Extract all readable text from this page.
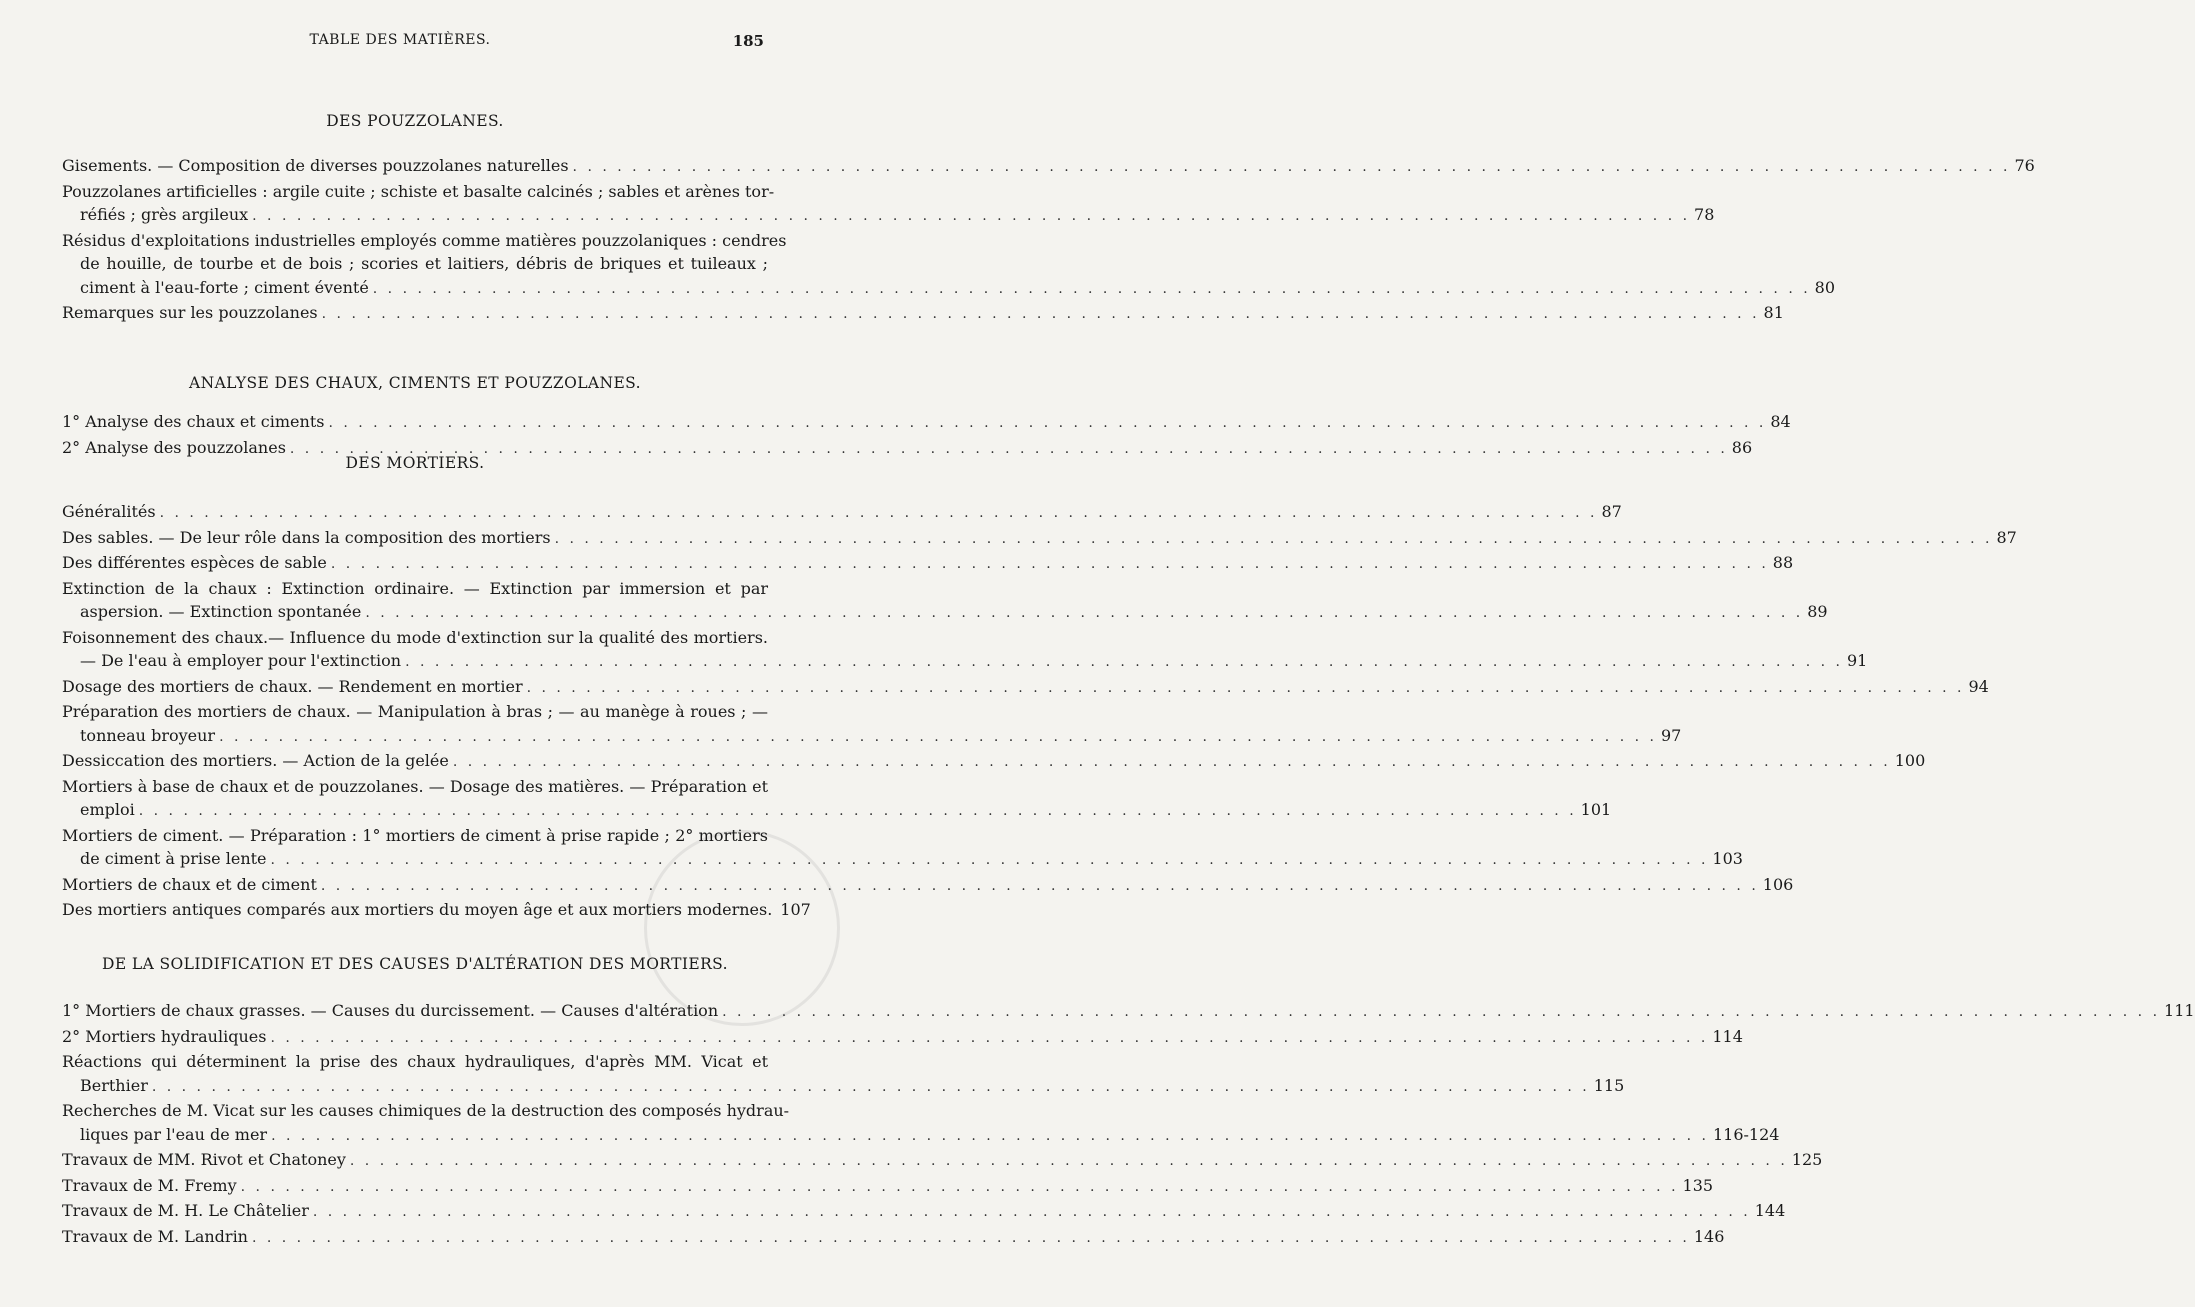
TABLE DES MATIÈRES.	185
DES POUZZOLANES.
Gisements. — Composition de diverses pouzzolanes naturelles . . .	76
Pouzzolanes artificielles : argile cuite ; schiste et basalte calcinés ; sables et arènes tor-
réfiés ; grès argileux . . .	78
Résidus d'exploitations industrielles employés comme matières pouzzolaniques : cendres
de houille, de tourbe et de bois ; scories et laitiers, débris de briques et tuileaux ;
ciment à l'eau-forte ; ciment éventé . . .	80
Remarques sur les pouzzolanes . . .	81
ANALYSE DES CHAUX, CIMENTS ET POUZZOLANES.
1° Analyse des chaux et ciments . . .	84
2° Analyse des pouzzolanes . . .	86
DES MORTIERS.
Généralités . . .	87
Des sables. — De leur rôle dans la composition des mortiers . . .	87
Des différentes espèces de sable . . .	88
Extinction de la chaux : Extinction ordinaire. — Extinction par immersion et par
aspersion. — Extinction spontanée . . .	89
Foisonnement des chaux.— Influence du mode d'extinction sur la qualité des mortiers.
— De l'eau à employer pour l'extinction . . .	91
Dosage des mortiers de chaux. — Rendement en mortier . . .	94
Préparation des mortiers de chaux. — Manipulation à bras ; — au manège à roues ; —
tonneau broyeur . . .	97
Dessiccation des mortiers. — Action de la gelée . . .	100
Mortiers à base de chaux et de pouzzolanes. — Dosage des matières. — Préparation et
emploi . . .	101
Mortiers de ciment. — Préparation : 1° mortiers de ciment à prise rapide ; 2° mortiers
de ciment à prise lente . . .	103
Mortiers de chaux et de ciment . . .	106
Des mortiers antiques comparés aux mortiers du moyen âge et aux mortiers modernes. 107
DE LA SOLIDIFICATION ET DES CAUSES D'ALTÉRATION DES MORTIERS.
1° Mortiers de chaux grasses. — Causes du durcissement. — Causes d'altération . . .	111
2° Mortiers hydrauliques . . .	114
Réactions qui déterminent la prise des chaux hydrauliques, d'après MM. Vicat et
Berthier . . .	115
Recherches de M. Vicat sur les causes chimiques de la destruction des composés hydrau-
liques par l'eau de mer . . .	116-124
Travaux de MM. Rivot et Chatoney . . .	125
Travaux de M. Fremy . . .	135
Travaux de M. H. Le Châtelier . . .	144
Travaux de M. Landrin . . .	146
